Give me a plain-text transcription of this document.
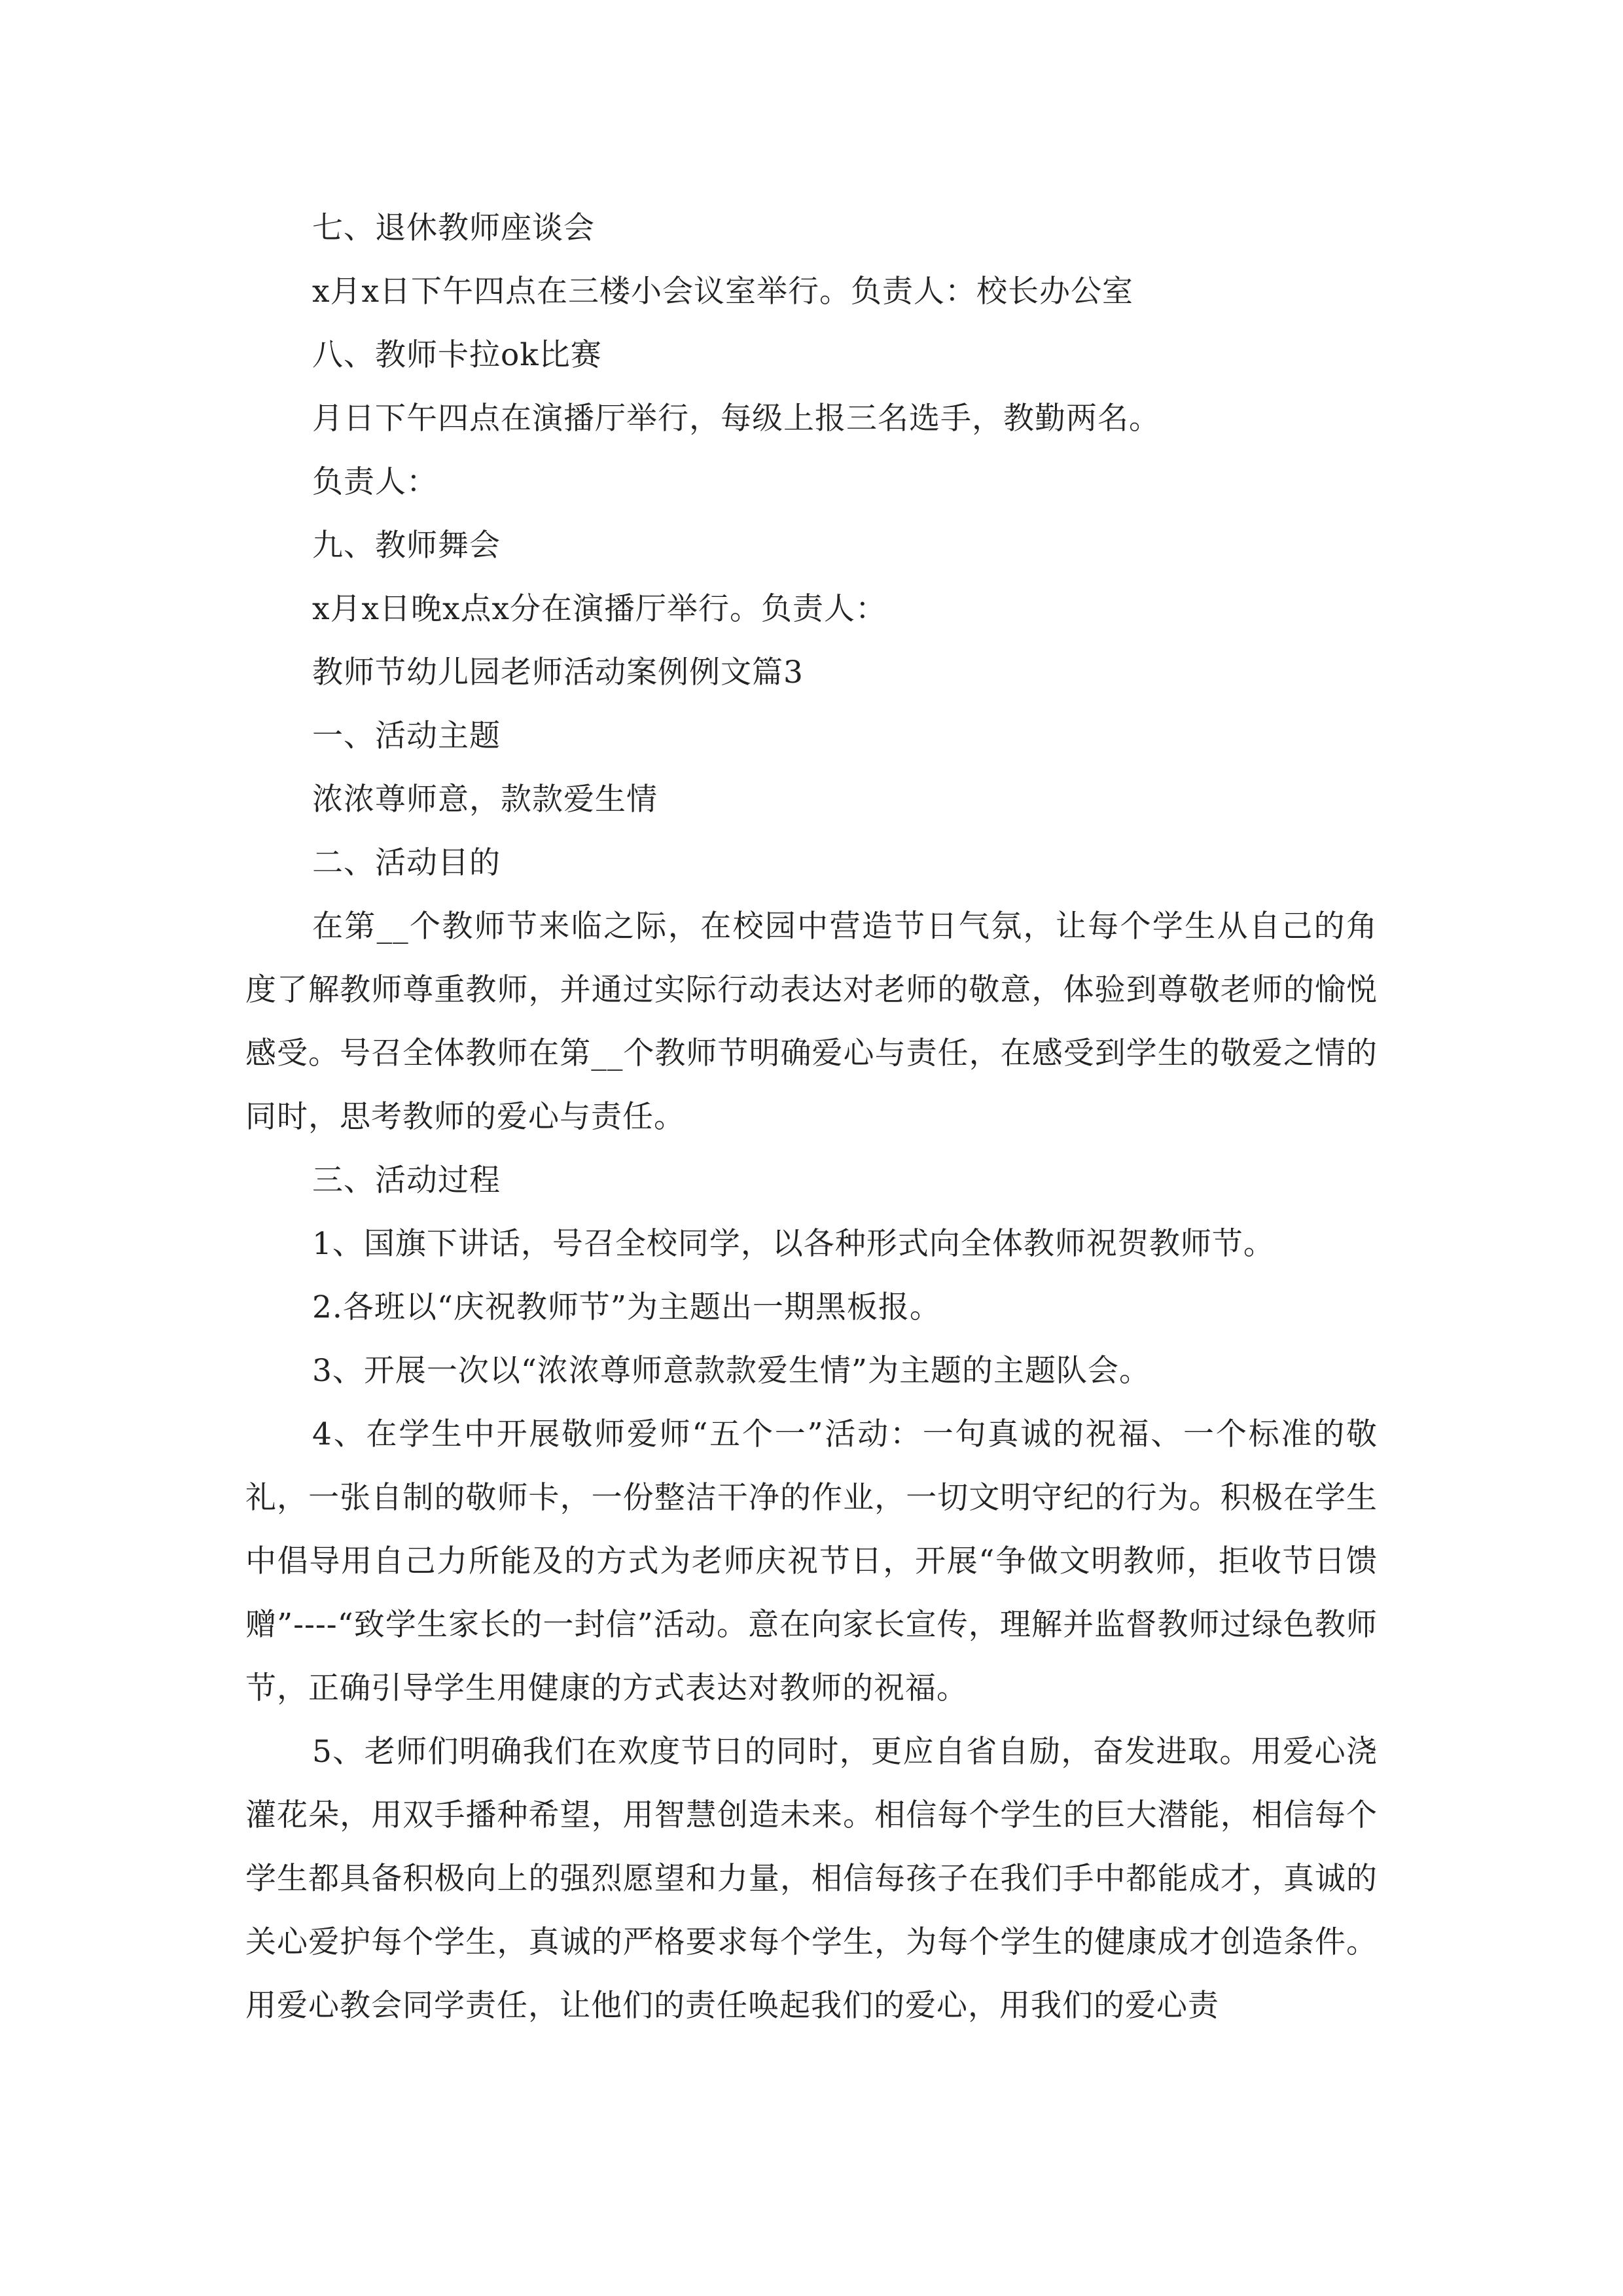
七、退休教师座谈会
x月x日下午四点在三楼小会议室举行。负责人：校长办公室
八、教师卡拉ok比赛
月日下午四点在演播厅举行，每级上报三名选手，教勤两名。
负责人：
九、教师舞会
x月x日晚x点x分在演播厅举行。负责人：
教师节幼儿园老师活动案例例文篇3
一、活动主题
浓浓尊师意，款款爱生情
二、活动目的
在第__个教师节来临之际，在校园中营造节日气氛，让每个学生从自己的角度了解教师尊重教师，并通过实际行动表达对老师的敬意，体验到尊敬老师的愉悦感受。号召全体教师在第__个教师节明确爱心与责任，在感受到学生的敬爱之情的同时，思考教师的爱心与责任。
三、活动过程
1、国旗下讲话，号召全校同学，以各种形式向全体教师祝贺教师节。
2.各班以“庆祝教师节”为主题出一期黑板报。
3、开展一次以“浓浓尊师意款款爱生情”为主题的主题队会。
4、在学生中开展敬师爱师“五个一”活动：一句真诚的祝福、一个标准的敬礼，一张自制的敬师卡，一份整洁干净的作业，一切文明守纪的行为。积极在学生中倡导用自己力所能及的方式为老师庆祝节日，开展“争做文明教师，拒收节日馈赠”----“致学生家长的一封信”活动。意在向家长宣传，理解并监督教师过绿色教师节，正确引导学生用健康的方式表达对教师的祝福。
5、老师们明确我们在欢度节日的同时，更应自省自励，奋发进取。用爱心浇灌花朵，用双手播种希望，用智慧创造未来。相信每个学生的巨大潜能，相信每个学生都具备积极向上的强烈愿望和力量，相信每孩子在我们手中都能成才，真诚的关心爱护每个学生，真诚的严格要求每个学生，为每个学生的健康成才创造条件。用爱心教会同学责任，让他们的责任唤起我们的爱心，用我们的爱心责
